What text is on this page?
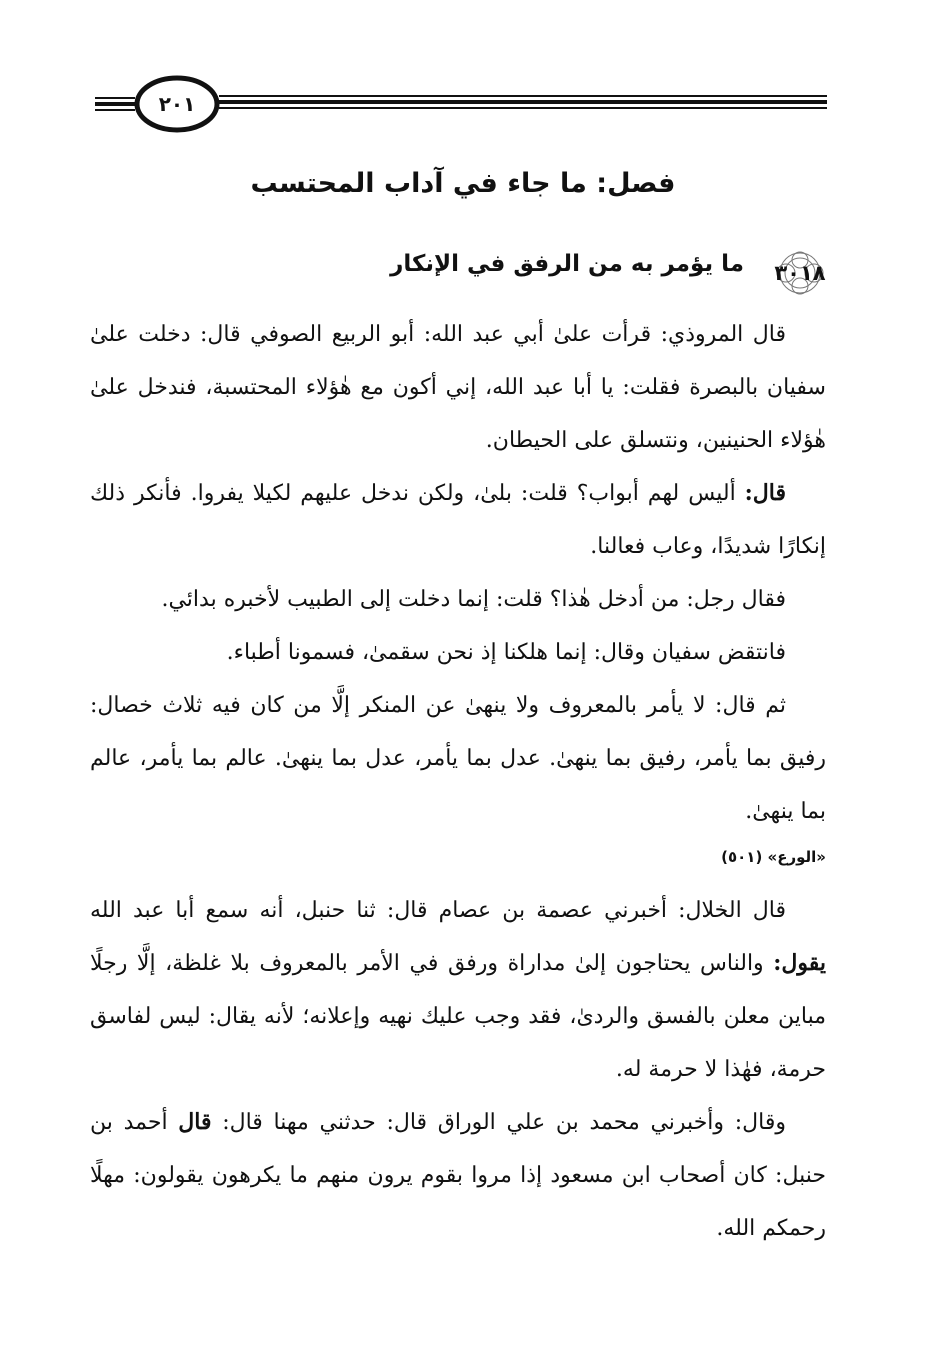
٢٠١
فصل: ما جاء في آداب المحتسب
٣٠١٨
ما يؤمر به من الرفق في الإنكار

قال المروذي: قرأت علىٰ أبي عبد الله: أبو الربيع الصوفي قال: دخلت علىٰ سفيان بالبصرة فقلت: يا أبا عبد الله، إني أكون مع هٰؤلاء المحتسبة، فندخل علىٰ هٰؤلاء الحنينين، ونتسلق على الحيطان.

قال: أليس لهم أبواب؟ قلت: بلىٰ، ولكن ندخل عليهم لكيلا يفروا. فأنكر ذلك إنكارًا شديدًا، وعاب فعالنا.

فقال رجل: من أدخل هٰذا؟ قلت: إنما دخلت إلى الطبيب لأخبره بدائي.

فانتقض سفيان وقال: إنما هلكنا إذ نحن سقمىٰ، فسمونا أطباء.

ثم قال: لا يأمر بالمعروف ولا ينهىٰ عن المنكر إلَّا من كان فيه ثلاث خصال: رفيق بما يأمر، رفيق بما ينهىٰ. عدل بما يأمر، عدل بما ينهىٰ. عالم بما يأمر، عالم بما ينهىٰ.

«الورع» (٥٠١)

قال الخلال: أخبرني عصمة بن عصام قال: ثنا حنبل، أنه سمع أبا عبد الله يقول: والناس يحتاجون إلىٰ مداراة ورفق في الأمر بالمعروف بلا غلظة، إلَّا رجلًا مباين معلن بالفسق والردىٰ، فقد وجب عليك نهيه وإعلانه؛ لأنه يقال: ليس لفاسق حرمة، فهٰذا لا حرمة له.

وقال: وأخبرني محمد بن علي الوراق قال: حدثني مهنا قال: قال أحمد بن حنبل: كان أصحاب ابن مسعود إذا مروا بقوم يرون منهم ما يكرهون يقولون: مهلًا رحمكم الله.
